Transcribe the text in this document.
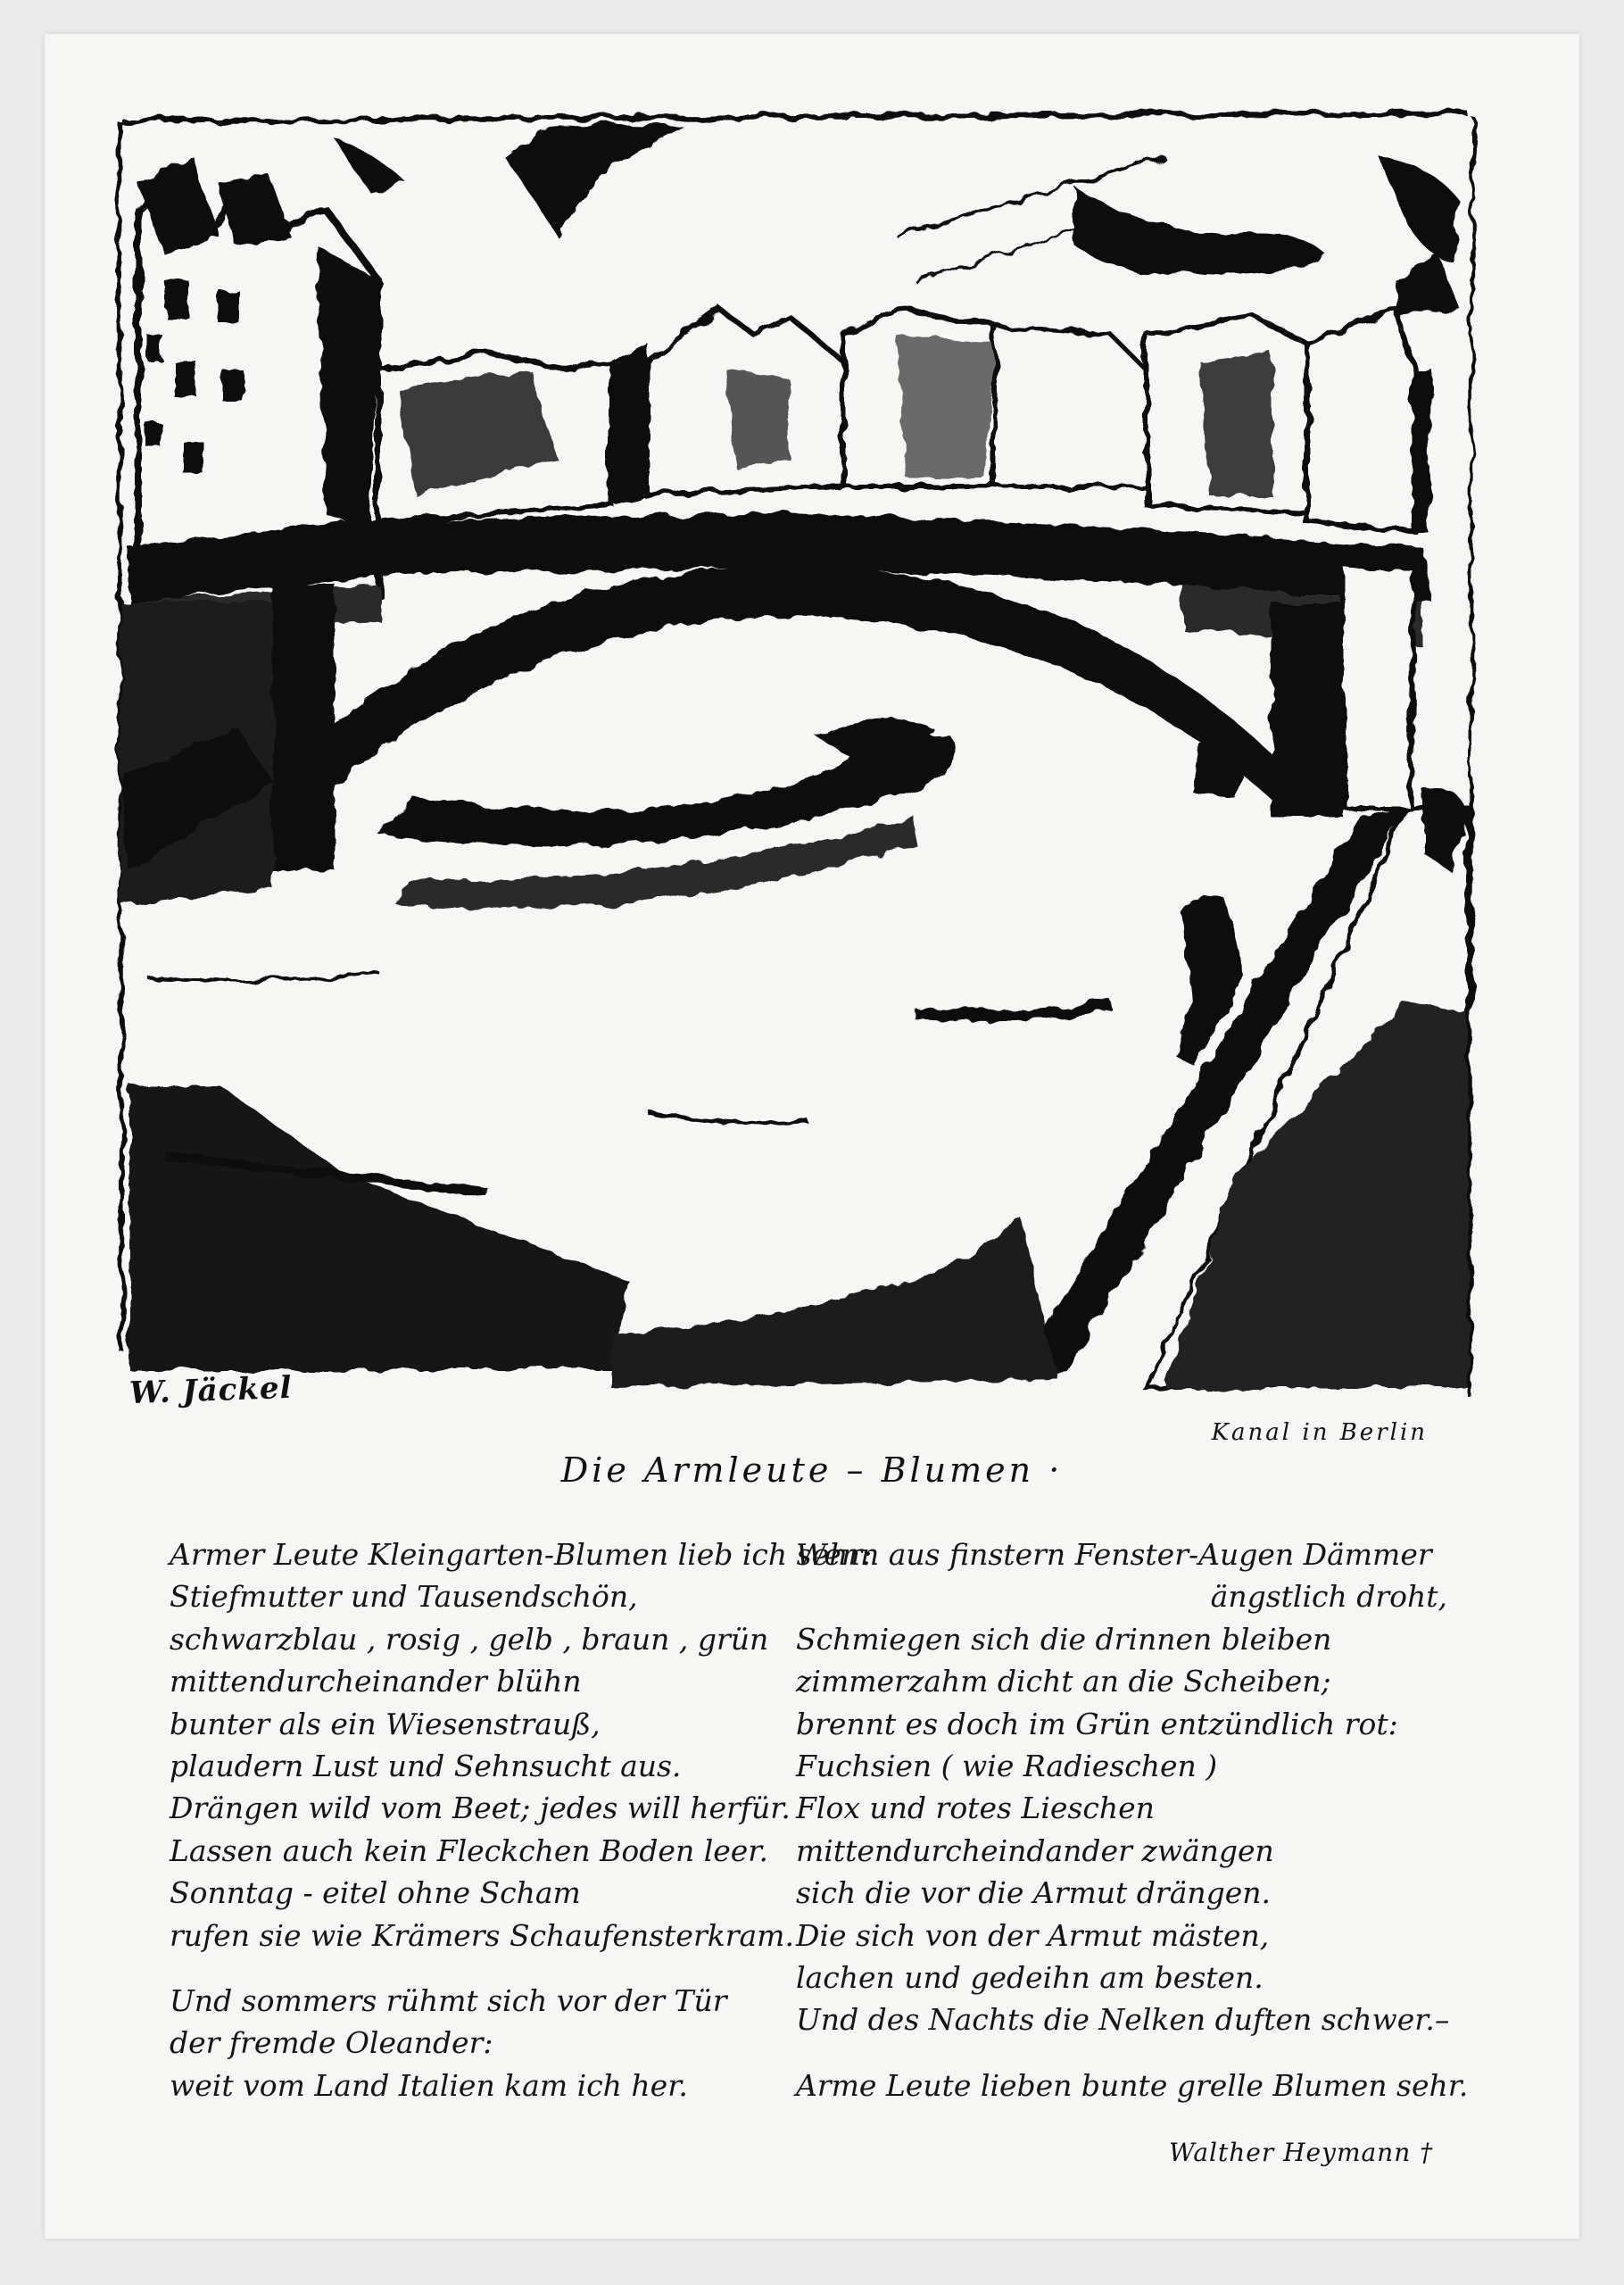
W. Jäckel
Kanal in Berlin
Die Armleute – Blumen ·
Armer Leute Kleingarten-Blumen lieb ich sehr:
Stiefmutter und Tausendschön,
schwarzblau , rosig , gelb , braun , grün
mittendurcheinander blühn
bunter als ein Wiesenstrauß,
plaudern Lust und Sehnsucht aus.
Drängen wild vom Beet; jedes will herfür.
Lassen auch kein Fleckchen Boden leer.
Sonntag - eitel ohne Scham
rufen sie wie Krämers Schaufensterkram.
Und sommers rühmt sich vor der Tür
der fremde Oleander:
weit vom Land Italien kam ich her.
Wenn aus finstern Fenster-Augen Dämmer
ängstlich droht,
Schmiegen sich die drinnen bleiben
zimmerzahm dicht an die Scheiben;
brennt es doch im Grün entzündlich rot:
Fuchsien ( wie Radieschen )
Flox und rotes Lieschen
mittendurcheindander zwängen
sich die vor die Armut drängen.
Die sich von der Armut mästen,
lachen und gedeihn am besten.
Und des Nachts die Nelken duften schwer.–
Arme Leute lieben bunte grelle Blumen sehr.
Walther Heymann †
